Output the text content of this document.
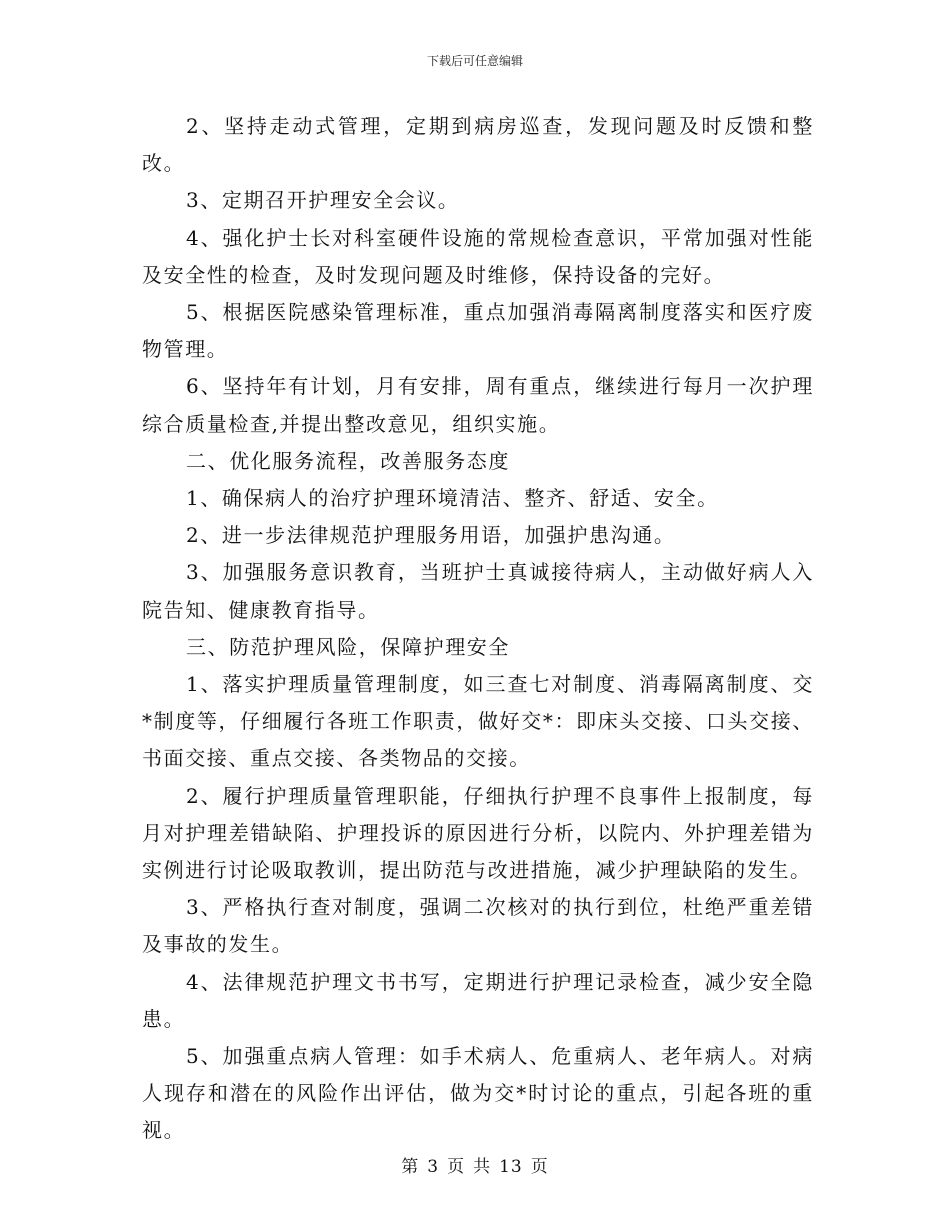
下载后可任意编辑

2、坚持走动式管理，定期到病房巡查，发现问题及时反馈和整改。

3、定期召开护理安全会议。

4、强化护士长对科室硬件设施的常规检查意识，平常加强对性能及安全性的检查，及时发现问题及时维修，保持设备的完好。

5、根据医院感染管理标准，重点加强消毒隔离制度落实和医疗废物管理。

6、坚持年有计划，月有安排，周有重点，继续进行每月一次护理综合质量检查,并提出整改意见，组织实施。

二、优化服务流程，改善服务态度

1、确保病人的治疗护理环境清洁、整齐、舒适、安全。

2、进一步法律规范护理服务用语，加强护患沟通。

3、加强服务意识教育，当班护士真诚接待病人，主动做好病人入院告知、健康教育指导。

三、防范护理风险，保障护理安全

1、落实护理质量管理制度，如三查七对制度、消毒隔离制度、交*制度等，仔细履行各班工作职责，做好交*：即床头交接、口头交接、书面交接、重点交接、各类物品的交接。

2、履行护理质量管理职能，仔细执行护理不良事件上报制度，每月对护理差错缺陷、护理投诉的原因进行分析，以院内、外护理差错为实例进行讨论吸取教训，提出防范与改进措施，减少护理缺陷的发生。

3、严格执行查对制度，强调二次核对的执行到位，杜绝严重差错及事故的发生。

4、法律规范护理文书书写，定期进行护理记录检查，减少安全隐患。

5、加强重点病人管理：如手术病人、危重病人、老年病人。对病人现存和潜在的风险作出评估，做为交*时讨论的重点，引起各班的重视。

第 3 页 共 13 页
